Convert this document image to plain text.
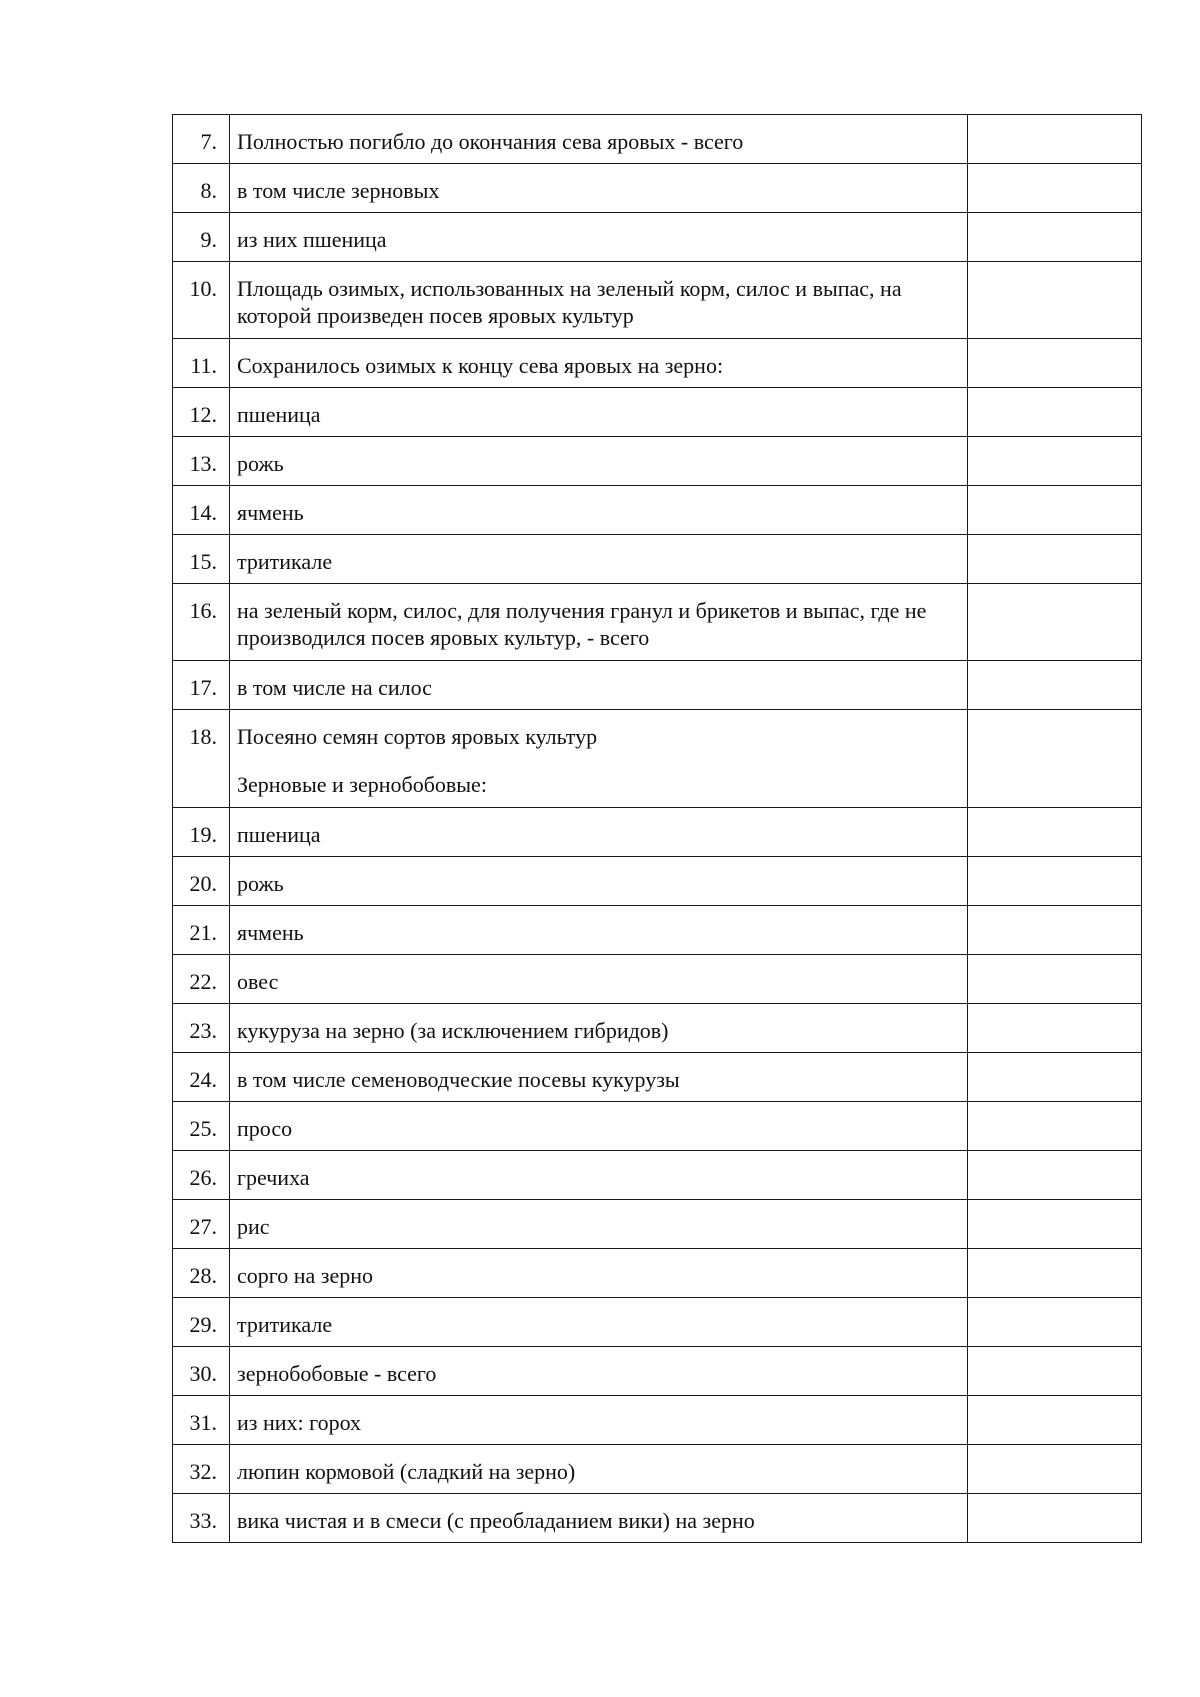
7.	Полностью погибло до окончания сева яровых - всего	

8.	в том числе зерновых	

9.	из них пшеница	

10.	Площадь озимых, использованных на зеленый корм, силос и выпас, на которой произведен посев яровых культур	

11.	Сохранилось озимых к концу сева яровых на зерно:	

12.	пшеница	

13.	рожь	

14.	ячмень	

15.	тритикале	

16.	на зеленый корм, силос, для получения гранул и брикетов и выпас, где не производился посев яровых культур, - всего	

17.	в том числе на силос	

18.	Посеяно семян сортов яровых культур
Зерновые и зернобобовые:	

19.	пшеница	

20.	рожь	

21.	ячмень	

22.	овес	

23.	кукуруза на зерно (за исключением гибридов)	

24.	в том числе семеноводческие посевы кукурузы	

25.	просо	

26.	гречиха	

27.	рис	

28.	сорго на зерно	

29.	тритикале	

30.	зернобобовые - всего	

31.	из них: горох	

32.	люпин кормовой (сладкий на зерно)	

33.	вика чистая и в смеси (с преобладанием вики) на зерно	
